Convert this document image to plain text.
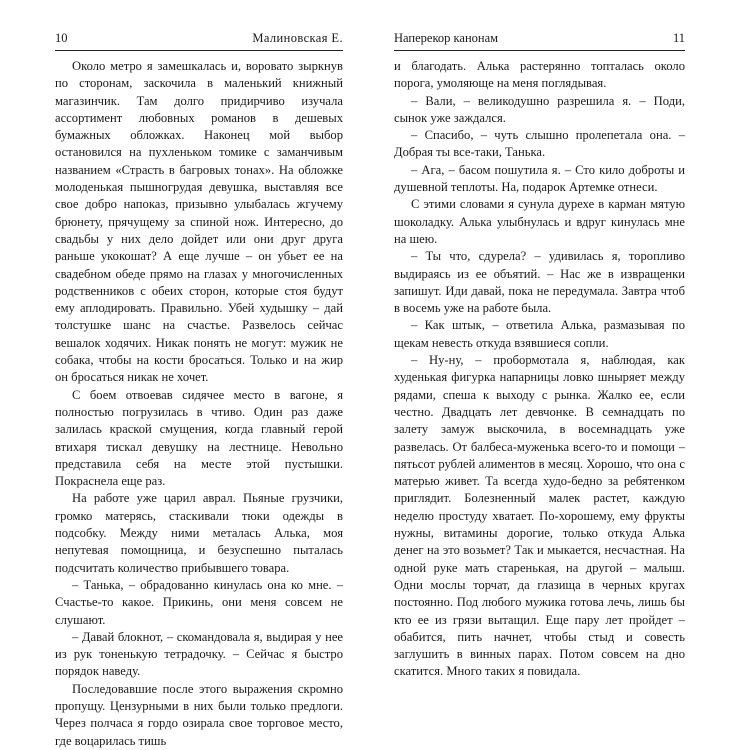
10	Малиновская Е.

Около метро я замешкалась и, воровато зыркнув по сторонам, заскочила в маленький книжный магазинчик. Там долго придирчиво изучала ассортимент любовных романов в дешевых бумажных обложках. Наконец мой выбор остановился на пухленьком томике с заманчивым названием «Страсть в багровых тонах». На обложке молоденькая пышногрудая девушка, выставляя все свое добро напоказ, призывно улыбалась жгучему брюнету, прячущему за спиной нож. Интересно, до свадьбы у них дело дойдет или они друг друга раньше укокошат? А еще лучше – он убьет ее на свадебном обеде прямо на глазах у многочисленных родственников с обеих сторон, которые стоя будут ему аплодировать. Правильно. Убей худышку – дай толстушке шанс на счастье. Развелось сейчас вешалок ходячих. Никак понять не могут: мужик не собака, чтобы на кости бросаться. Только и на жир он бросаться никак не хочет.

С боем отвоевав сидячее место в вагоне, я полностью погрузилась в чтиво. Один раз даже залилась краской смущения, когда главный герой втихаря тискал девушку на лестнице. Невольно представила себя на месте этой пустышки. Покраснела еще раз.

На работе уже царил аврал. Пьяные грузчики, громко матерясь, стаскивали тюки одежды в подсобку. Между ними металась Алька, моя непутевая помощница, и безуспешно пыталась подсчитать количество прибывшего товара.

– Танька, – обрадованно кинулась она ко мне. – Счастье-то какое. Прикинь, они меня совсем не слушают.

– Давай блокнот, – скомандовала я, выдирая у нее из рук тоненькую тетрадочку. – Сейчас я быстро порядок наведу.

Последовавшие после этого выражения скромно пропущу. Цензурными в них были только предлоги. Через полчаса я гордо озирала свое торговое место, где воцарилась тишь

Наперекор канонам	11

и благодать. Алька растерянно топталась около порога, умоляюще на меня поглядывая.

– Вали, – великодушно разрешила я. – Поди, сынок уже заждался.

– Спасибо, – чуть слышно пролепетала она. – Добрая ты все-таки, Танька.

– Ага, – басом пошутила я. – Сто кило доброты и душевной теплоты. На, подарок Артемке отнеси.

С этими словами я сунула дурехе в карман мятую шоколадку. Алька улыбнулась и вдруг кинулась мне на шею.

– Ты что, сдурела? – удивилась я, торопливо выдираясь из ее объятий. – Нас же в извращенки запишут. Иди давай, пока не передумала. Завтра чтоб в восемь уже на работе была.

– Как штык, – ответила Алька, размазывая по щекам невесть откуда взявшиеся сопли.

– Ну-ну, – пробормотала я, наблюдая, как худенькая фигурка напарницы ловко шныряет между рядами, спеша к выходу с рынка. Жалко ее, если честно. Двадцать лет девчонке. В семнадцать по залету замуж выскочила, в восемнадцать уже развелась. От балбеса-муженька всего-то и помощи – пятьсот рублей алиментов в месяц. Хорошо, что она с матерью живет. Та всегда худо-бедно за ребятенком приглядит. Болезненный малек растет, каждую неделю простуду хватает. По-хорошему, ему фрукты нужны, витамины дорогие, только откуда Алька денег на это возьмет? Так и мыкается, несчастная. На одной руке мать старенькая, на другой – малыш. Одни мослы торчат, да глазища в черных кругах постоянно. Под любого мужика готова лечь, лишь бы кто ее из грязи вытащил. Еще пару лет пройдет – обабится, пить начнет, чтобы стыд и совесть заглушить в винных парах. Потом совсем на дно скатится. Много таких я повидала.
